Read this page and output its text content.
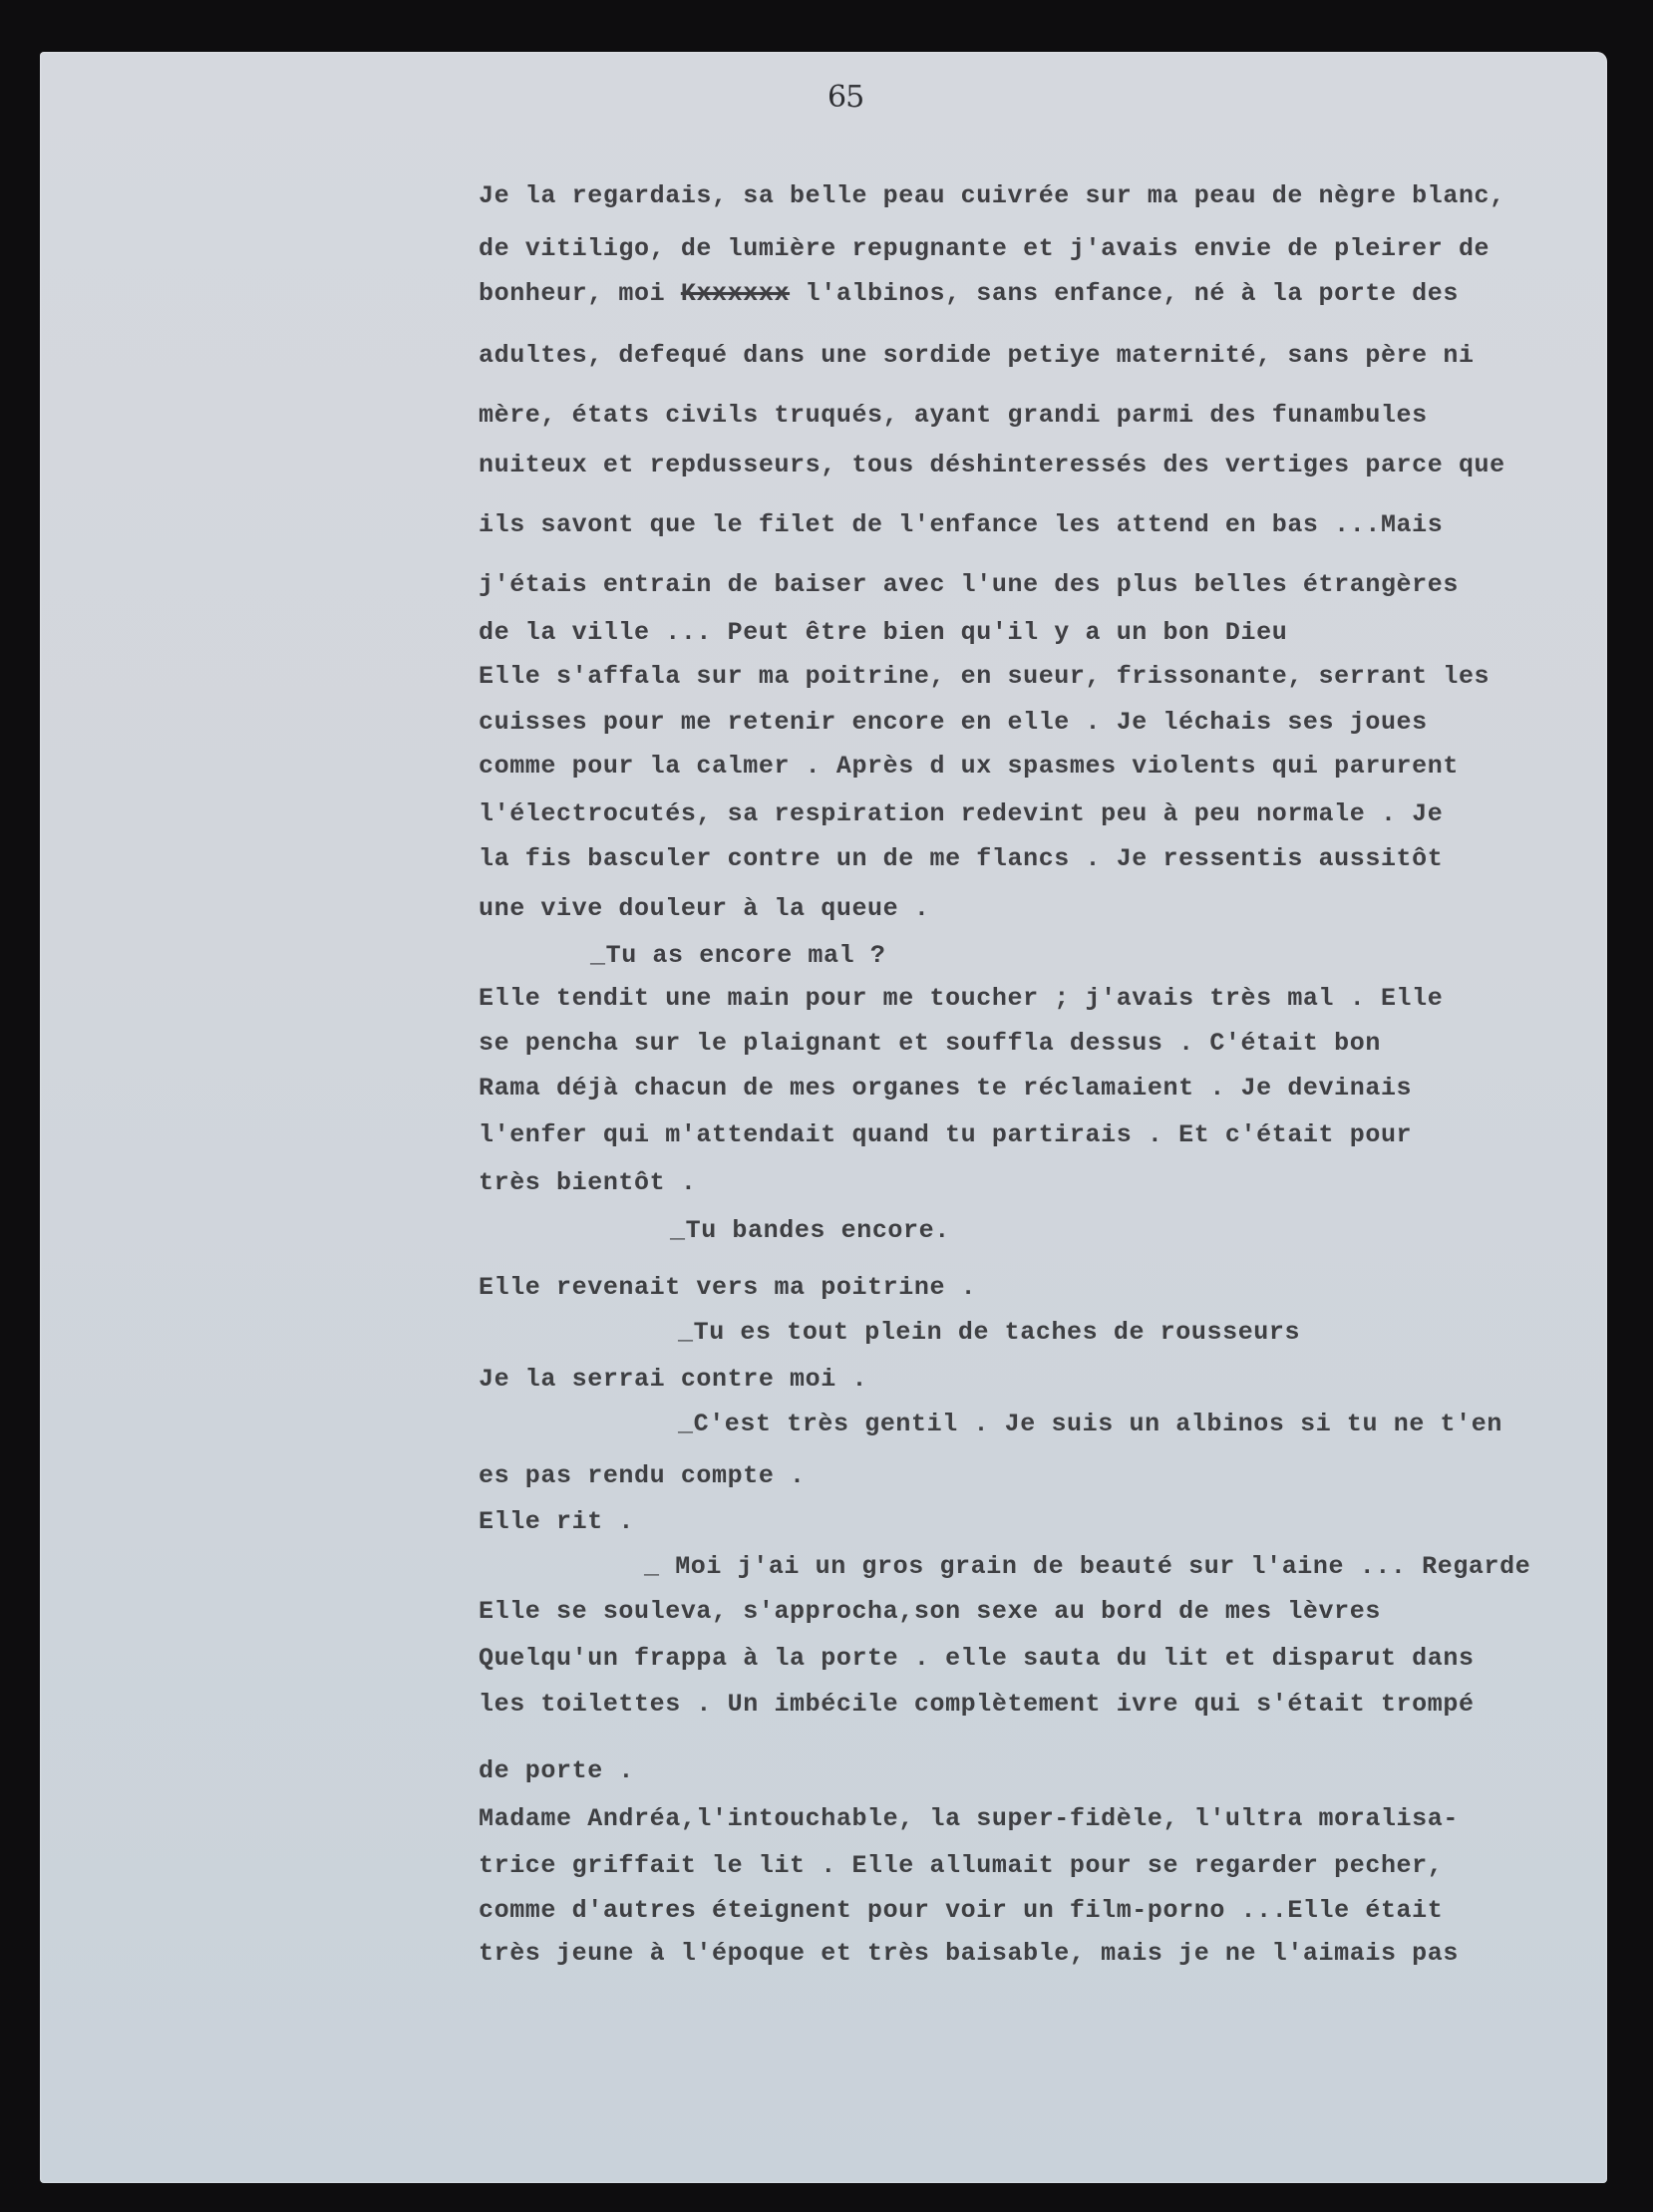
65
Je la regardais, sa belle peau cuivrée sur ma peau de nègre blanc,
de vitiligo, de lumière repugnante et j'avais envie de pleirer de
bonheur, moi Kxxxxxx l'albinos, sans enfance, né à la porte des
adultes, defequé dans une sordide petiye maternité, sans père ni
mère, états civils truqués, ayant grandi parmi des funambules
nuiteux et repdusseurs, tous déshinteressés des vertiges parce que
ils savont que le filet de l'enfance les attend en bas ...Mais
j'étais entrain de baiser avec l'une des plus belles étrangères
de la ville ... Peut être bien qu'il y a un bon Dieu
Elle s'affala sur ma poitrine, en sueur, frissonante, serrant les
cuisses pour me retenir encore en elle . Je léchais ses joues
comme pour la calmer . Après d ux spasmes violents qui parurent
l'électrocutés, sa respiration redevint peu à peu normale . Je
la fis basculer contre un de me flancs . Je ressentis aussitôt
une vive douleur à la queue .
_Tu as encore mal ?
Elle tendit une main pour me toucher ; j'avais très mal . Elle
se pencha sur le plaignant et souffla dessus . C'était bon
Rama déjà chacun de mes organes te réclamaient . Je devinais
l'enfer qui m'attendait quand tu partirais . Et c'était pour
très bientôt .
_Tu bandes encore.
Elle revenait vers ma poitrine .
_Tu es tout plein de taches de rousseurs
Je la serrai contre moi .
_C'est très gentil . Je suis un albinos si tu ne t'en
es pas rendu compte .
Elle rit .
_ Moi j'ai un gros grain de beauté sur l'aine ... Regarde
Elle se souleva, s'approcha,son sexe au bord de mes lèvres
Quelqu'un frappa à la porte . elle sauta du lit et disparut dans
les toilettes . Un imbécile complètement ivre qui s'était trompé
de porte .
Madame Andréa,l'intouchable, la super-fidèle, l'ultra moralisa-
trice griffait le lit . Elle allumait pour se regarder pecher,
comme d'autres éteignent pour voir un film-porno ...Elle était
très jeune à l'époque et très baisable, mais je ne l'aimais pas
